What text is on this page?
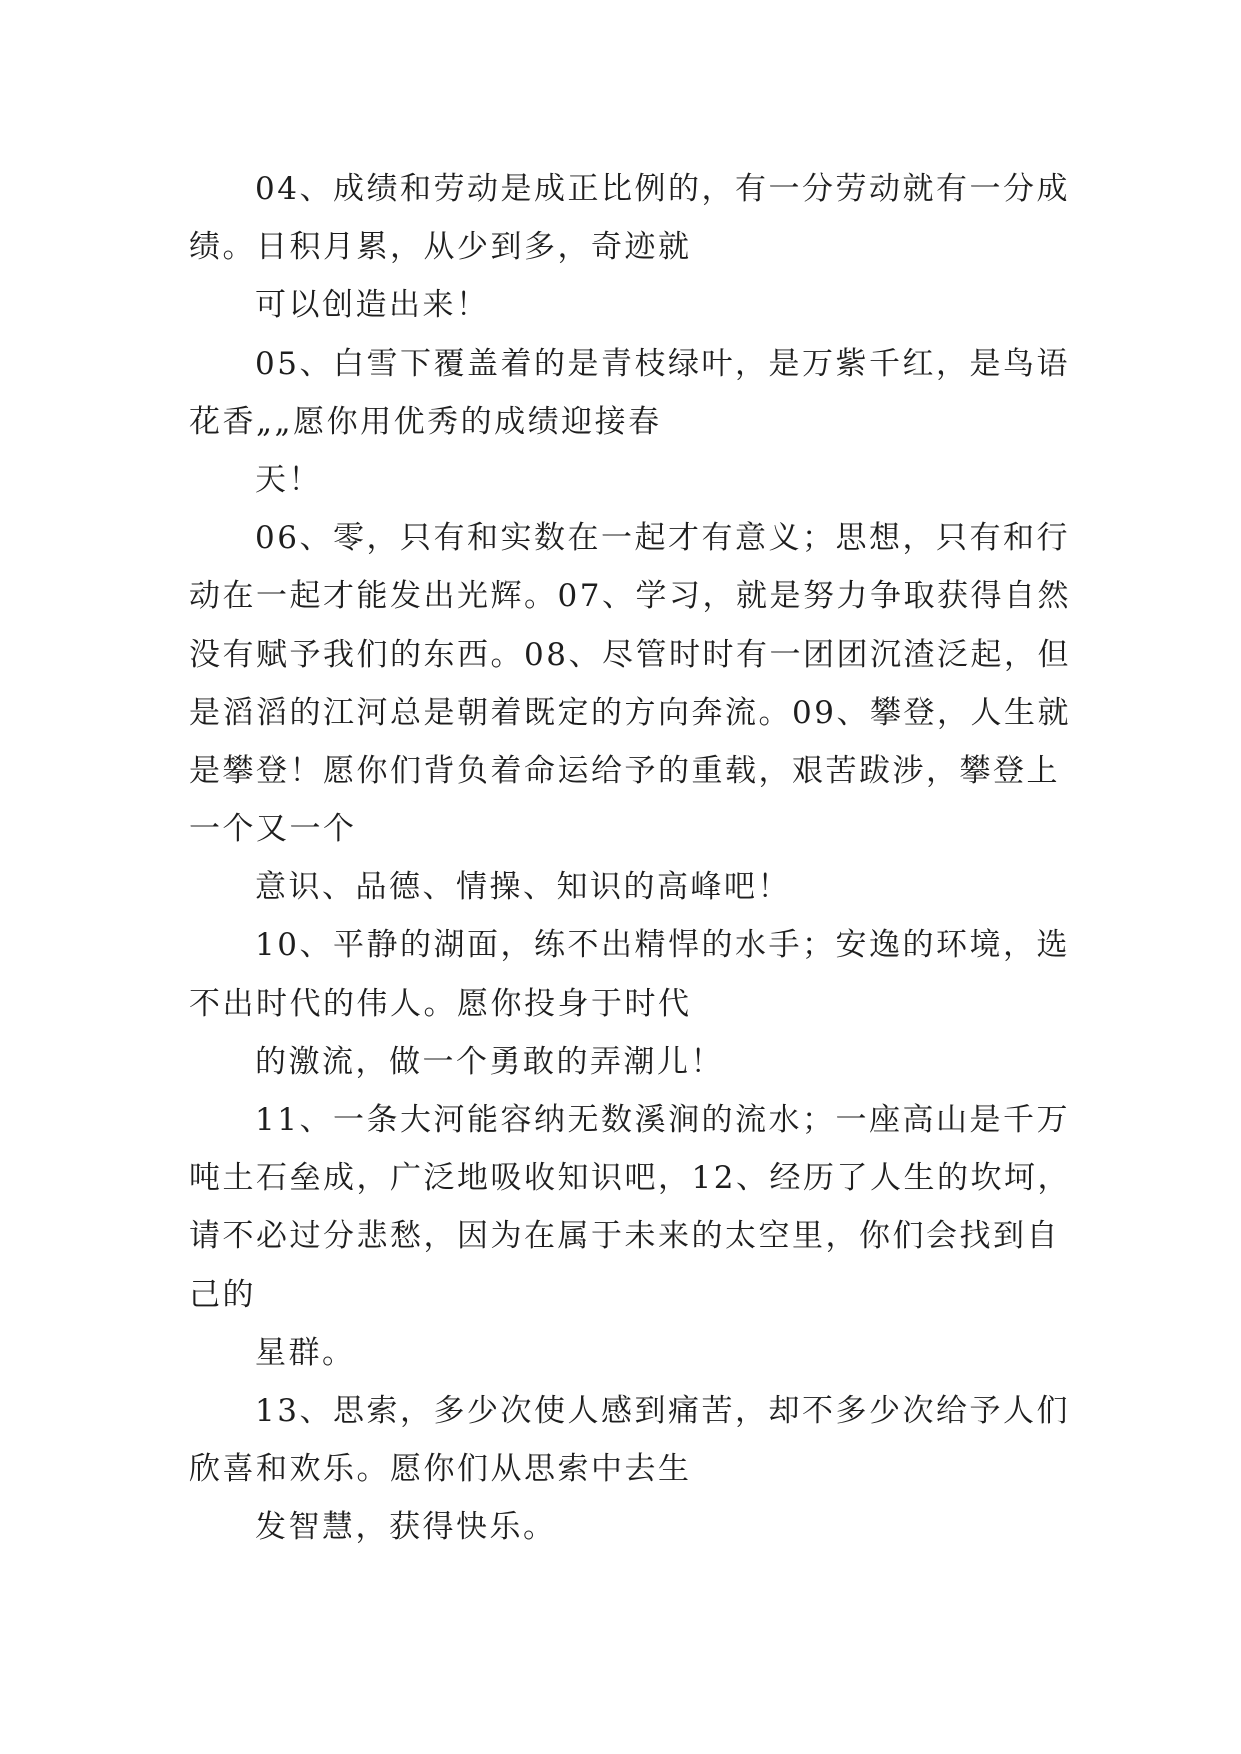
04、成绩和劳动是成正比例的，有一分劳动就有一分成
绩。日积月累，从少到多，奇迹就
可以创造出来！
05、白雪下覆盖着的是青枝绿叶，是万紫千红，是鸟语
花香„„愿你用优秀的成绩迎接春
天！
06、零，只有和实数在一起才有意义；思想，只有和行
动在一起才能发出光辉。07、学习，就是努力争取获得自然
没有赋予我们的东西。08、尽管时时有一团团沉渣泛起，但
是滔滔的江河总是朝着既定的方向奔流。09、攀登，人生就
是攀登！愿你们背负着命运给予的重载，艰苦跋涉，攀登上
一个又一个
意识、品德、情操、知识的高峰吧！
10、平静的湖面，练不出精悍的水手；安逸的环境，选
不出时代的伟人。愿你投身于时代
的激流，做一个勇敢的弄潮儿！
11、一条大河能容纳无数溪涧的流水；一座高山是千万
吨土石垒成，广泛地吸收知识吧，12、经历了人生的坎坷，
请不必过分悲愁，因为在属于未来的太空里，你们会找到自
己的
星群。
13、思索，多少次使人感到痛苦，却不多少次给予人们
欣喜和欢乐。愿你们从思索中去生
发智慧，获得快乐。
